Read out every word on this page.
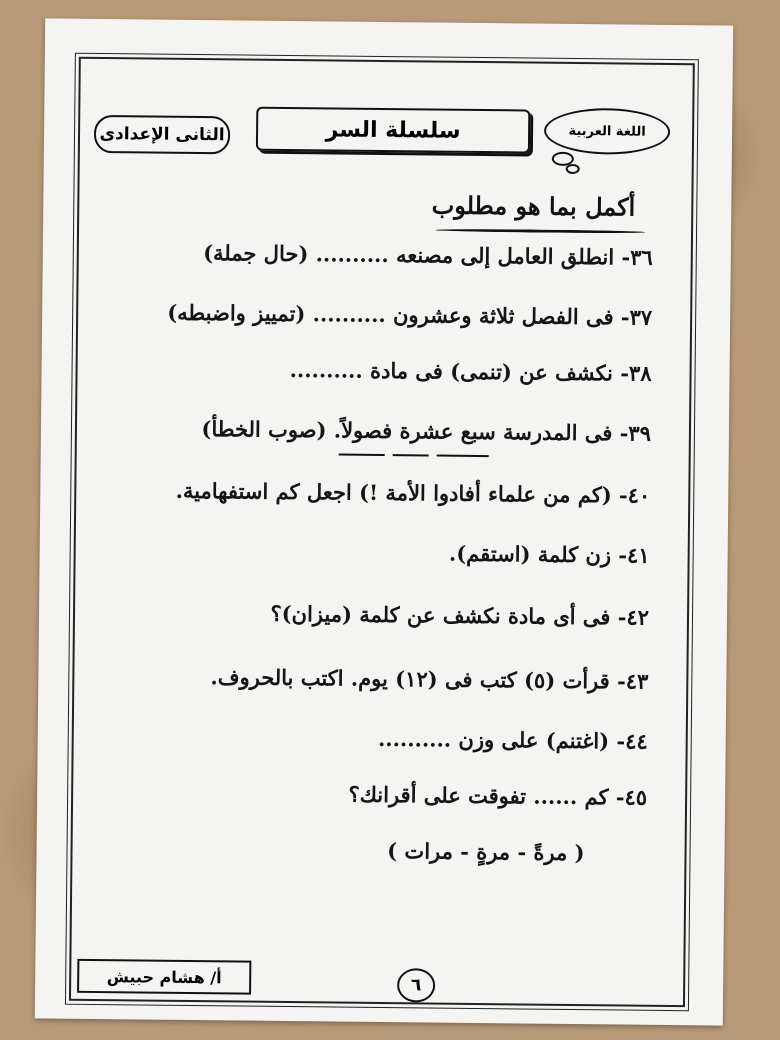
اللغة العربية
سلسلة السر
الثانى الإعدادى
أكمل بما هو مطلوب
٣٦- انطلق العامل إلى مصنعه .......... (حال جملة)
٣٧- فى الفصل ثلاثة وعشرون .......... (تمييز واضبطه)
٣٨- نكشف عن (تنمى) فى مادة ..........
٣٩- فى المدرسة سبع عشرة فصولاً. (صوب الخطأ)
٤٠- (كم من علماء أفادوا الأمة !) اجعل كم استفهامية.
٤١- زن كلمة (استقم).
٤٢- فى أى مادة نكشف عن كلمة (ميزان)؟
٤٣- قرأت (٥) كتب فى (١٢) يوم. اكتب بالحروف.
٤٤- (اغتنم) على وزن ..........
٤٥- كم ...... تفوقت على أقرانك؟
( مرةً - مرةٍ - مرات )
أ/ هشام حبيش	٦
